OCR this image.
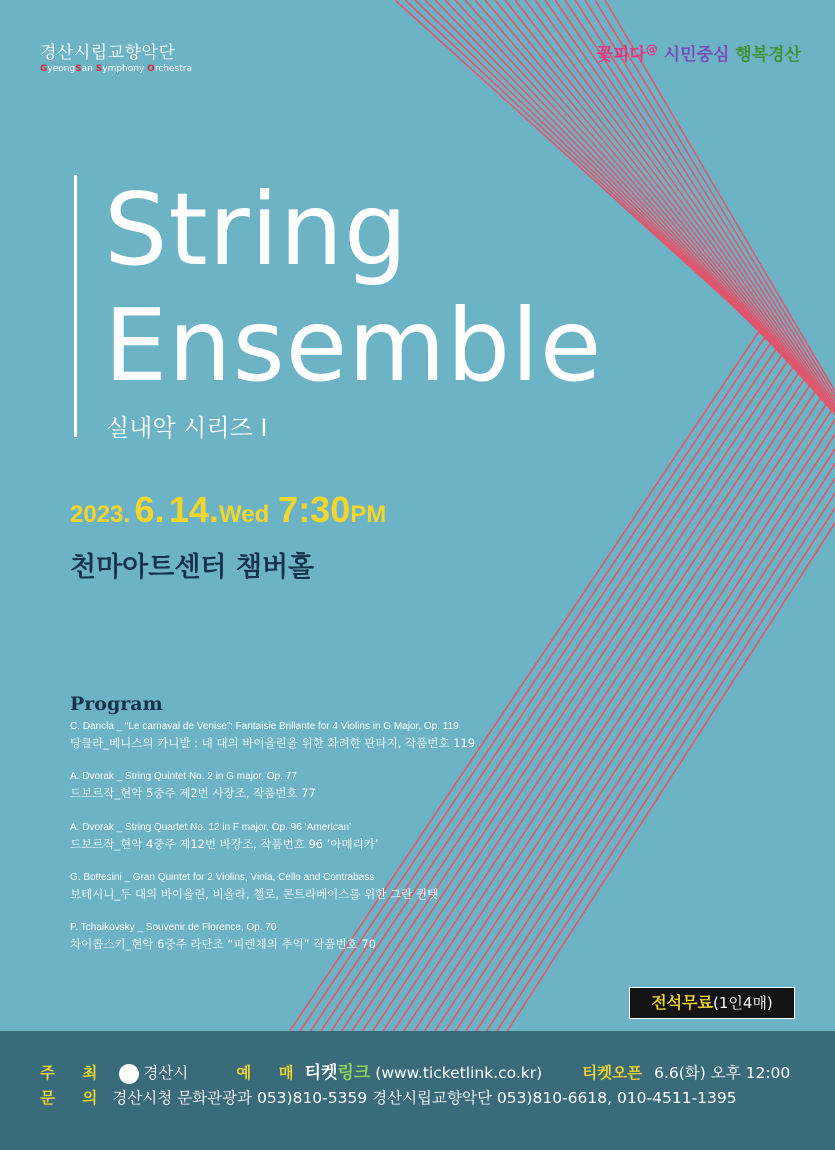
경산시립교향악단
GyeongSan Symphony Orchestra
꽃피다@ 시민중심 행복경산
String
Ensemble
실내악 시리즈 I
2023. 6. 14.Wed 7:30PM
천마아트센터 챔버홀
Program
C. Dancla _ “Le carnaval de Venise”: Fantaisie Brillante for 4 Violins in G Major, Op. 119
당클라_베니스의 카니발 : 네 대의 바이올린을 위한 화려한 판타지, 작품번호 119
A. Dvorak _ String Quintet No. 2 in G major, Op. 77
드보르작_현악 5중주 제2번 사장조, 작품번호 77
A. Dvorak _ String Quartet No. 12 in F major, Op. 96 ‘American’
드보르작_현악 4중주 제12번 바장조, 작품번호 96 ‘아메리카’
G. Bottesini _ Gran Quintet for 2 Violins, Viola, Cello and Contrabass
보테시니_두 대의 바이올린, 비올라, 첼로, 콘트라베이스를 위한 그란 퀸텟
P. Tchaikovsky _ Souvenir de Florence, Op. 70
차이콥스키_현악 6중주 라단조 “피렌체의 추억” 작품번호 70
전석무료(1인4매)
주 최 경산시	예 매티켓링크 (www.ticketlink.co.kr)	티켓오픈 6.6(화) 오후 12:00
문 의 경산시청 문화관광과 053)810-5359 경산시립교향악단 053)810-6618, 010-4511-1395
